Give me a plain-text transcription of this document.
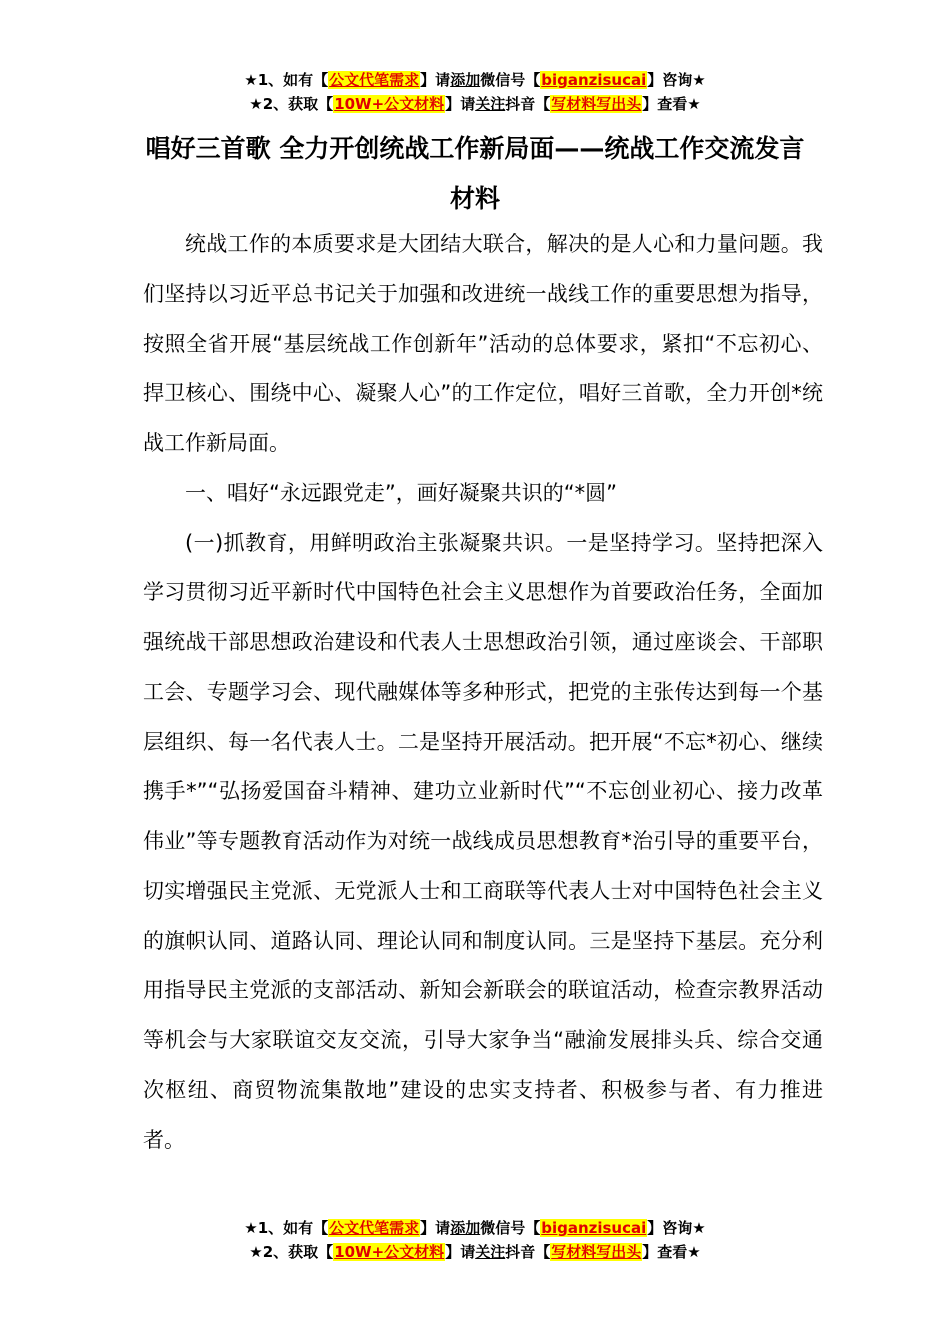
★1、如有【公文代笔需求】请添加微信号【biganzisucai】咨询★
★2、获取【10W+公文材料】请关注抖音【写材料写出头】查看★
唱好三首歌 全力开创统战工作新局面——统战工作交流发言材料

统战工作的本质要求是大团结大联合，解决的是人心和力量问题。我们坚持以习近平总书记关于加强和改进统一战线工作的重要思想为指导，按照全省开展“基层统战工作创新年”活动的总体要求，紧扣“不忘初心、捍卫核心、围绕中心、凝聚人心”的工作定位，唱好三首歌，全力开创*统战工作新局面。

一、唱好“永远跟党走”，画好凝聚共识的“*圆”

(一)抓教育，用鲜明政治主张凝聚共识。一是坚持学习。坚持把深入学习贯彻习近平新时代中国特色社会主义思想作为首要政治任务，全面加强统战干部思想政治建设和代表人士思想政治引领，通过座谈会、干部职工会、专题学习会、现代融媒体等多种形式，把党的主张传达到每一个基层组织、每一名代表人士。二是坚持开展活动。把开展“不忘*初心、继续携手*”“弘扬爱国奋斗精神、建功立业新时代”“不忘创业初心、接力改革伟业”等专题教育活动作为对统一战线成员思想教育*治引导的重要平台，切实增强民主党派、无党派人士和工商联等代表人士对中国特色社会主义的旗帜认同、道路认同、理论认同和制度认同。三是坚持下基层。充分利用指导民主党派的支部活动、新知会新联会的联谊活动，检查宗教界活动等机会与大家联谊交友交流，引导大家争当“融渝发展排头兵、综合交通次枢纽、商贸物流集散地”建设的忠实支持者、积极参与者、有力推进者。

★1、如有【公文代笔需求】请添加微信号【biganzisucai】咨询★
★2、获取【10W+公文材料】请关注抖音【写材料写出头】查看★
